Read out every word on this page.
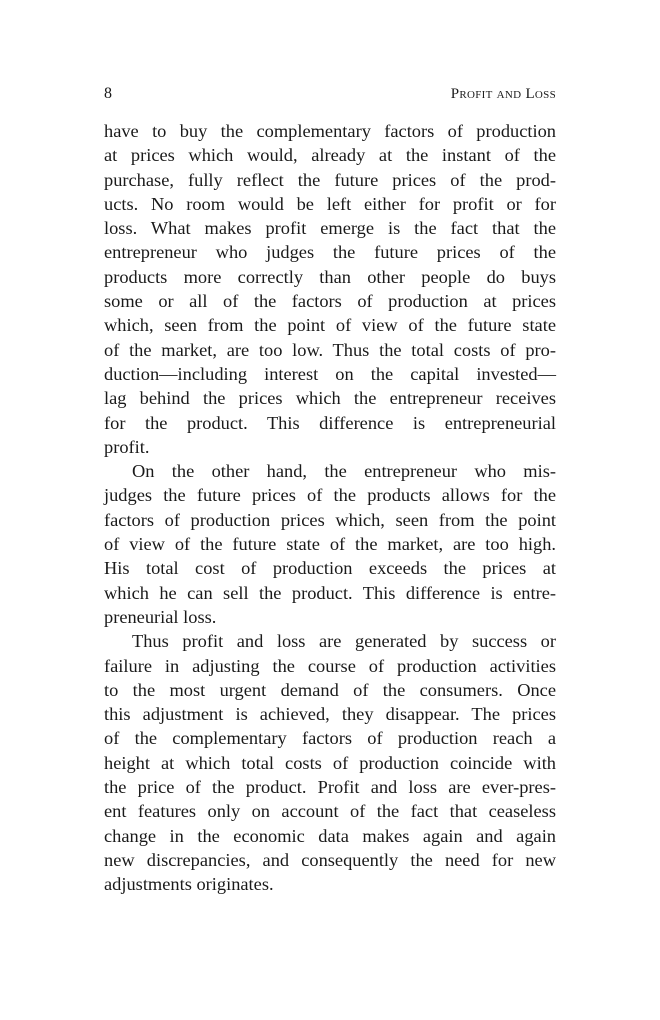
8	Profit and Loss
have to buy the complementary factors of production
at prices which would, already at the instant of the
purchase, fully reflect the future prices of the prod-
ucts. No room would be left either for profit or for
loss. What makes profit emerge is the fact that the
entrepreneur who judges the future prices of the
products more correctly than other people do buys
some or all of the factors of production at prices
which, seen from the point of view of the future state
of the market, are too low. Thus the total costs of pro-
duction—including interest on the capital invested—
lag behind the prices which the entrepreneur receives
for the product. This difference is entrepreneurial
profit.
On the other hand, the entrepreneur who mis-
judges the future prices of the products allows for the
factors of production prices which, seen from the point
of view of the future state of the market, are too high.
His total cost of production exceeds the prices at
which he can sell the product. This difference is entre-
preneurial loss.
Thus profit and loss are generated by success or
failure in adjusting the course of production activities
to the most urgent demand of the consumers. Once
this adjustment is achieved, they disappear. The prices
of the complementary factors of production reach a
height at which total costs of production coincide with
the price of the product. Profit and loss are ever-pres-
ent features only on account of the fact that ceaseless
change in the economic data makes again and again
new discrepancies, and consequently the need for new
adjustments originates.
